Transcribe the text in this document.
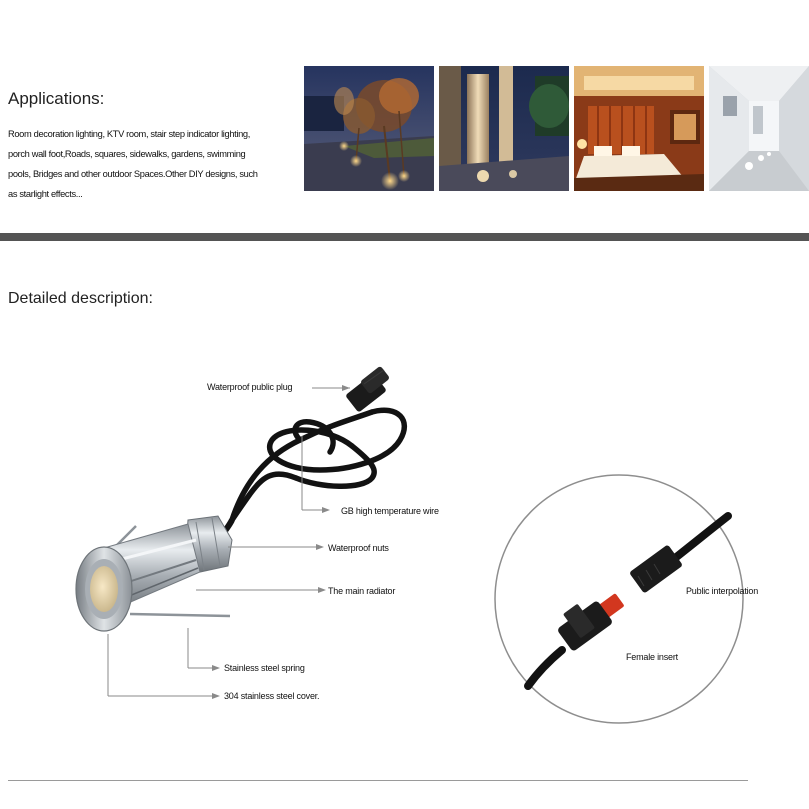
Applications:
Room decoration lighting, KTV room, stair step indicator lighting,
porch wall foot,Roads, squares, sidewalks, gardens, swimming
pools, Bridges and other outdoor Spaces.Other DIY designs, such
as starlight effects...
Detailed description:
Waterproof public plug
GB high temperature wire
Waterproof nuts
The main radiator
Stainless steel spring
304 stainless steel cover.
Public interpolation
Female insert
